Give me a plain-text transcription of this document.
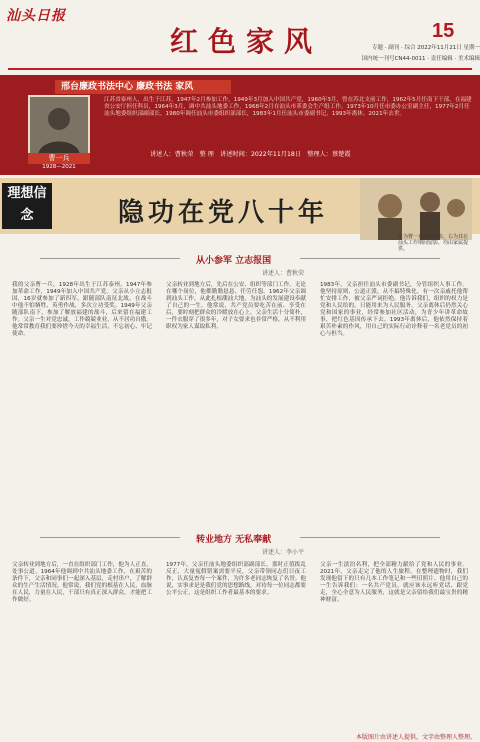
汕头日报
红色家风	15
专题 · 副刊 · 综合 2022年11月21日 星期一
国内统一刊号CN44-0011 · 责任编辑 · 美术编辑
邢台廉政书法中心 廉政书法 家风
曹一兵
1928—2021
江苏省泰州人，出生于江苏，1947年2月参加工作，1949年3月加入中国共产党，1960年3月，曾在苏北支前工作，1962年5月任南下干部，在福建省公安厅担任科员，1964年3月，调中共汕头地委工作，1968年2月在汕头市革委会生产组工作，1973年10月任市委办公室副主任，1977年2月任汕头地委组织部副部长，1980年调任汕头市委组织部部长，1983年1月任汕头市委副书记，1993年离休。2021年去世。
讲述人：曹秋荣　整 理　讲述时间：2022年11月18日　整理人：蔡楚霞
理想信念	隐功在党八十年
左为曹一兵夫妇合影，右为其在汕头工作期间留影，均由家属提供。
从小参军 立志报国
讲述人：曹秋荣
我的父亲曹一兵，1928年出生于江苏泰州，1947年参加革命工作，1949年加入中国共产党。父亲从小立志报国，16岁就参加了新四军，跟随部队南征北战。在战斗中他不怕牺牲、英勇作战，多次立功受奖。1949年父亲随部队南下，参加了解放福建的战斗，后来留在福建工作。父亲一生对党忠诚，工作兢兢业业，从不居功自傲。他常常教育我们要珍惜今天的幸福生活，不忘初心、牢记使命。
父亲转业到地方后，先后在公安、组织等部门工作。无论在哪个岗位，他都勤勤恳恳、任劳任怨。1962年父亲调到汕头工作，从此扎根潮汕大地，为汕头的发展建设奉献了自己的一生。他常说，共产党员要吃苦在前、享受在后，要时刻把群众的冷暖放在心上。父亲生活十分简朴，一件衣服穿了很多年，对子女要求也非常严格，从不利用职权为家人谋取私利。
1983年，父亲担任汕头市委副书记，分管组织人事工作。他坚持原则、公道正派，从不搞特殊化。有一次亲戚托他帮忙安排工作，被父亲严词拒绝。他告诉我们，组织的权力是党和人民给的，只能用来为人民服务。父亲离休后仍然关心党和国家的事业，经常参加社区活动，为青少年讲革命故事，把红色基因传承下去。1993年离休后，他依然保持着艰苦朴素的作风，用自己的实际行动诠释着一名老党员的初心与担当。
转业地方 无私奉献
讲述人：李小平
父亲转业到地方后，一直在组织部门工作，他为人正直，处事公道。1964年他调到中共汕头地委工作，在艰苦的条件下，父亲和同事们一起深入基层，走村串户，了解群众的生产生活情况。他常说，我们党的根基在人民，血脉在人民，力量在人民，干部只有真正深入群众，才能把工作做好。
1977年，父亲任汕头地委组织部副部长。那时正值拨乱反正，大量冤假错案需要平反，父亲带领同志们日夜工作，认真复查每一个案件，为许多老同志恢复了名誉。他说，实事求是是我们党的思想路线，对待每一位同志都要公平公正，这是组织工作者最基本的要求。
父亲一生淡泊名利，把全部精力献给了党和人民的事业。2021年，父亲走完了他的人生旅程。在整理遗物时，我们发现他留下的只有几本工作笔记和一些旧照片。他用自己的一生告诉我们：一名共产党员，就应该永远听党话、跟党走，全心全意为人民服务，这就是父亲留给我们最宝贵的精神财富。
本版图片由讲述人提供，文字由整理人整理。
